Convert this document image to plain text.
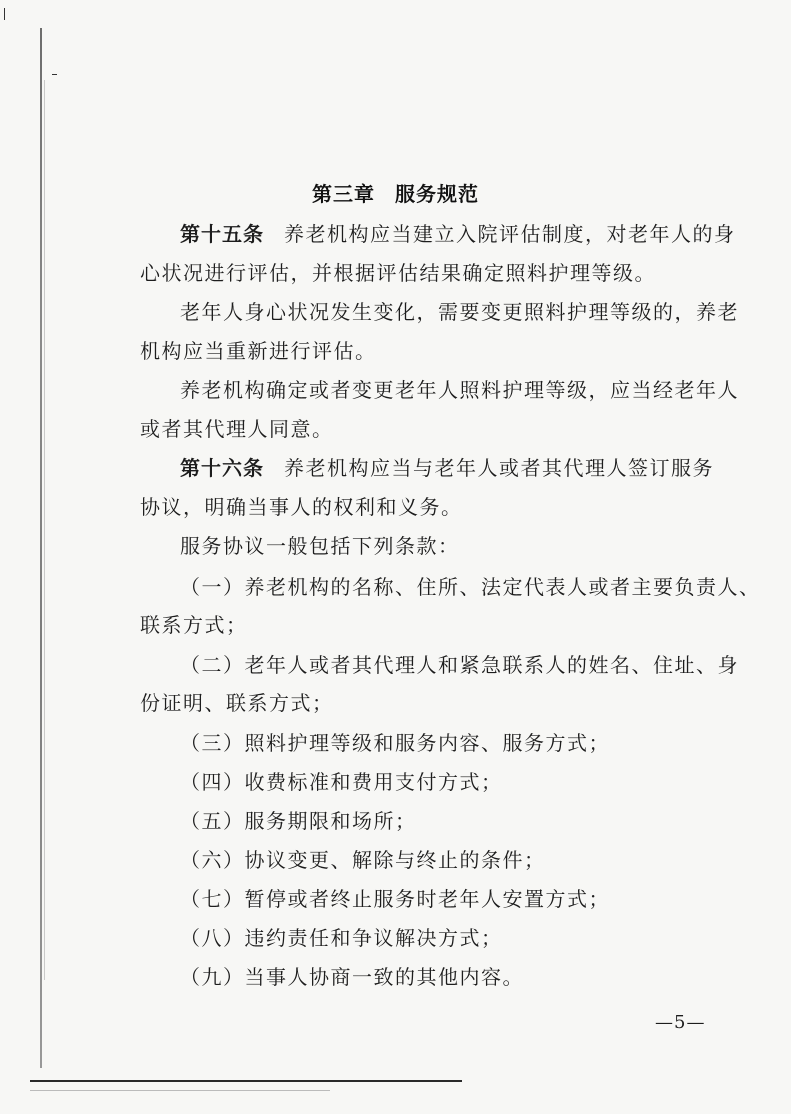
第三章 服务规范
第十五条 养老机构应当建立入院评估制度，对老年人的身
心状况进行评估，并根据评估结果确定照料护理等级。
老年人身心状况发生变化，需要变更照料护理等级的，养老
机构应当重新进行评估。
养老机构确定或者变更老年人照料护理等级，应当经老年人
或者其代理人同意。
第十六条 养老机构应当与老年人或者其代理人签订服务
协议，明确当事人的权利和义务。
服务协议一般包括下列条款：
（一）养老机构的名称、住所、法定代表人或者主要负责人、
联系方式；
（二）老年人或者其代理人和紧急联系人的姓名、住址、身
份证明、联系方式；
（三）照料护理等级和服务内容、服务方式；
（四）收费标准和费用支付方式；
（五）服务期限和场所；
（六）协议变更、解除与终止的条件；
（七）暂停或者终止服务时老年人安置方式；
（八）违约责任和争议解决方式；
（九）当事人协商一致的其他内容。
—5—
